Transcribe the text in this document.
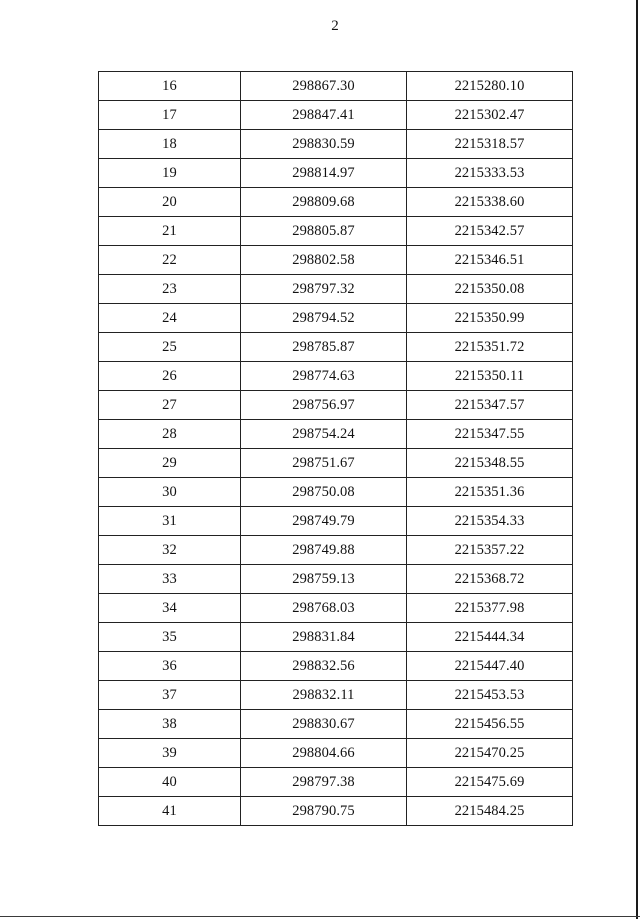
2
16	298867.30	2215280.10
17	298847.41	2215302.47
18	298830.59	2215318.57
19	298814.97	2215333.53
20	298809.68	2215338.60
21	298805.87	2215342.57
22	298802.58	2215346.51
23	298797.32	2215350.08
24	298794.52	2215350.99
25	298785.87	2215351.72
26	298774.63	2215350.11
27	298756.97	2215347.57
28	298754.24	2215347.55
29	298751.67	2215348.55
30	298750.08	2215351.36
31	298749.79	2215354.33
32	298749.88	2215357.22
33	298759.13	2215368.72
34	298768.03	2215377.98
35	298831.84	2215444.34
36	298832.56	2215447.40
37	298832.11	2215453.53
38	298830.67	2215456.55
39	298804.66	2215470.25
40	298797.38	2215475.69
41	298790.75	2215484.25
